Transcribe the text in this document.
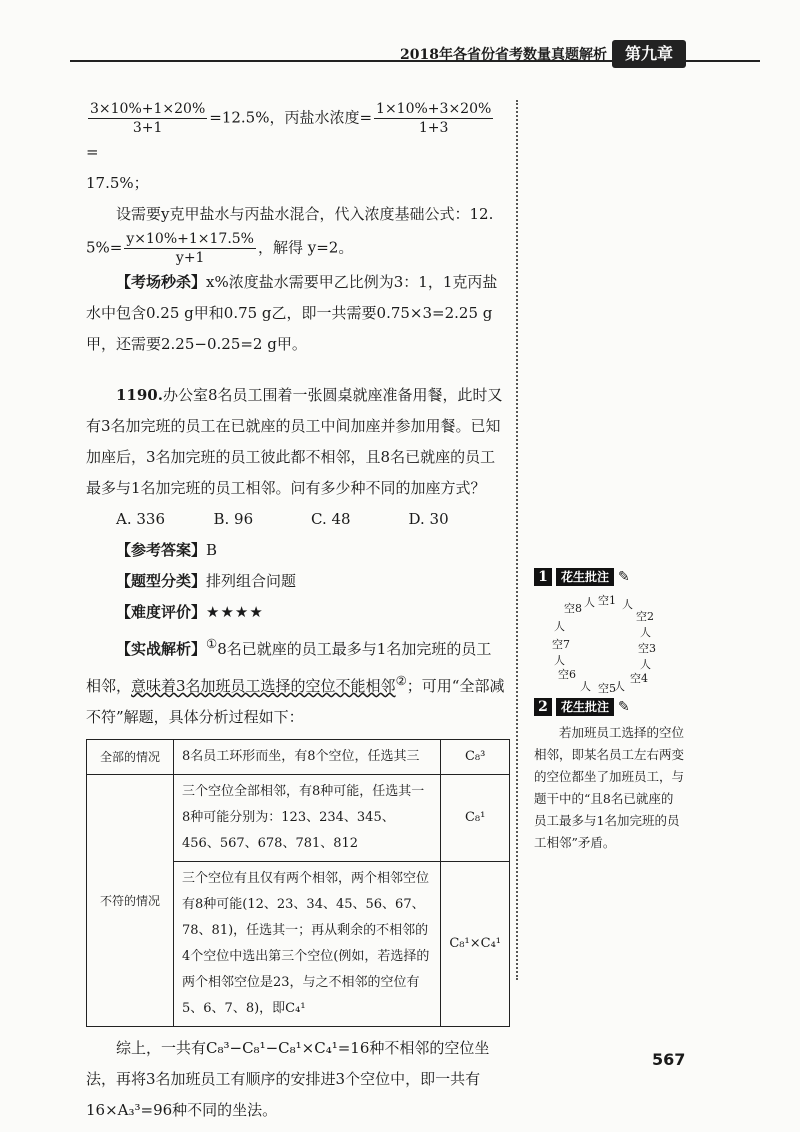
2018年各省份省考数量真题解析	第九章

$\frac{3\times 10\%+1\times 20\%}{3+1} =12.5\%$，丙盐水浓度= $\frac{1\times 10\%+3\times 20\%}{1+3}$
=

17.5%；

设需要y克甲盐水与丙盐水混合，代入浓度基础公式：12.

$5\%= \frac{y\times 10\%+1\times 17.5\%}{y+1}$ ，解得 y=2。

【考场秒杀】x%浓度盐水需要甲乙比例为3：1，1克丙盐水中包含0.25 g甲和0.75 g乙，即一共需要0.75×3=2.25 g甲，还需要2.25−0.25=2 g甲。

1190.办公室8名员工围着一张圆桌就座准备用餐，此时又有3名加完班的员工在已就座的员工中间加座并参加用餐。已知加座后，3名加完班的员工彼此都不相邻，且8名已就座的员工最多与1名加完班的员工相邻。问有多少种不同的加座方式？

A. 336	B. 96	C. 48	D. 30

【参考答案】B

【题型分类】排列组合问题

【难度评价】★★★★

【实战解析】①8名已就座的员工最多与1名加完班的员工相邻，意味着3名加班员工选择的空位不能相邻②；可用“全部减不符”解题，具体分析过程如下：

全部的情况	8名员工环形而坐，有8个空位，任选其三	C₈³
不符的情况	三个空位全部相邻，有8种可能，任选其一8种可能分别为：123、234、345、456、567、678、781、812	C₈¹
	三个空位有且仅有两个相邻，两个相邻空位有8种可能(12、23、34、45、56、67、78、81)，任选其一；再从剩余的不相邻的4个空位中选出第三个空位(例如，若选择的两个相邻空位是23，与之不相邻的空位有5、6、7、8)，即C₄¹	C₈¹×C₄¹

综上，一共有C₈³−C₈¹−C₈¹×C₄¹=16种不相邻的空位坐法，再将3名加班员工有顺序的安排进3个空位中，即一共有16×A₃³=96种不同的坐法。

1	花生批注 ✎
空8 人 空1 人
空2
人
空3
人
空4
人
空5
人
空6
人
空7
人
2	花生批注 ✎

若加班员工选择的空位相邻，即某名员工左右两变的空位都坐了加班员工，与题干中的“且8名已就座的员工最多与1名加完班的员工相邻”矛盾。

567
